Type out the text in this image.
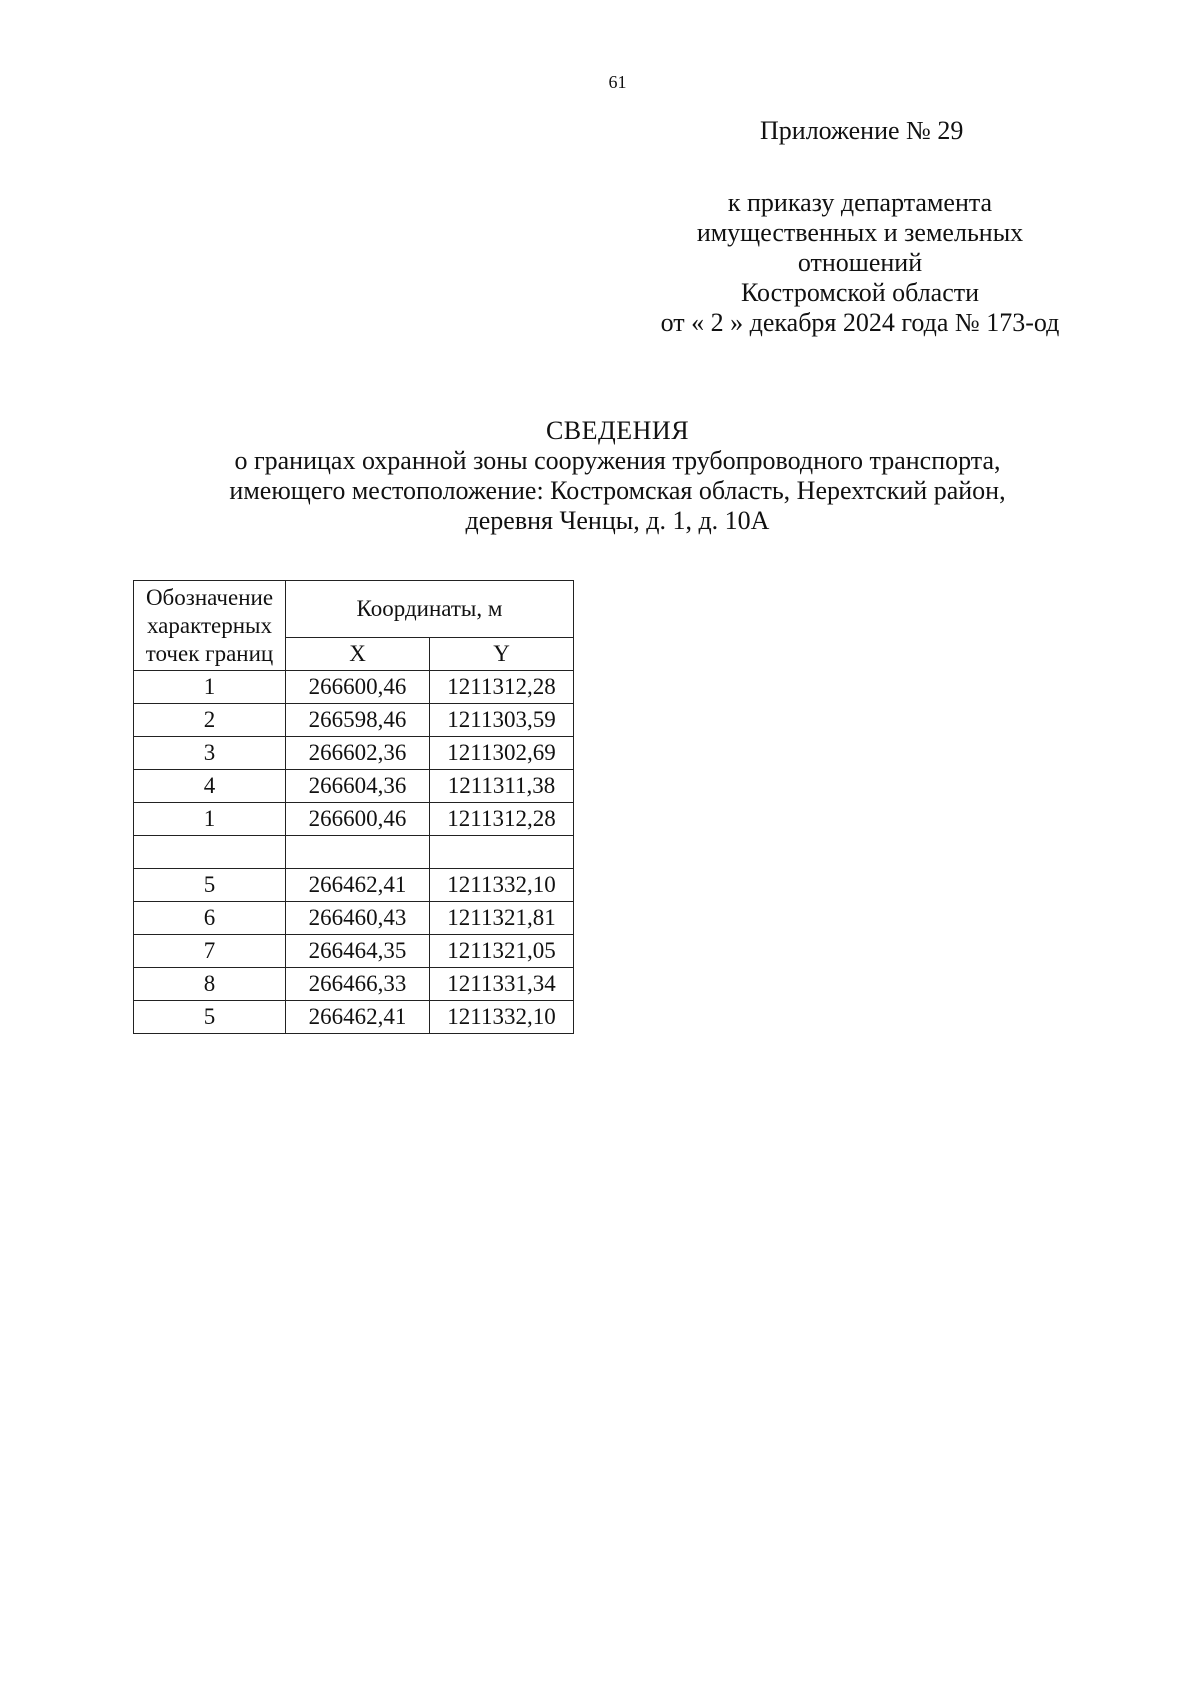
61
Приложение № 29
к приказу департамента
имущественных и земельных
отношений
Костромской области
от « 2 » декабря 2024 года № 173-од
СВЕДЕНИЯ
о границах охранной зоны сооружения трубопроводного транспорта,
имеющего местоположение: Костромская область, Нерехтский район,
деревня Ченцы, д. 1, д. 10А
Обозначение
характерных
точек границ	Координаты, м	
	X	Y
1	266600,46	1211312,28
2	266598,46	1211303,59
3	266602,36	1211302,69
4	266604,36	1211311,38
1	266600,46	1211312,28

5	266462,41	1211332,10
6	266460,43	1211321,81
7	266464,35	1211321,05
8	266466,33	1211331,34
5	266462,41	1211332,10
